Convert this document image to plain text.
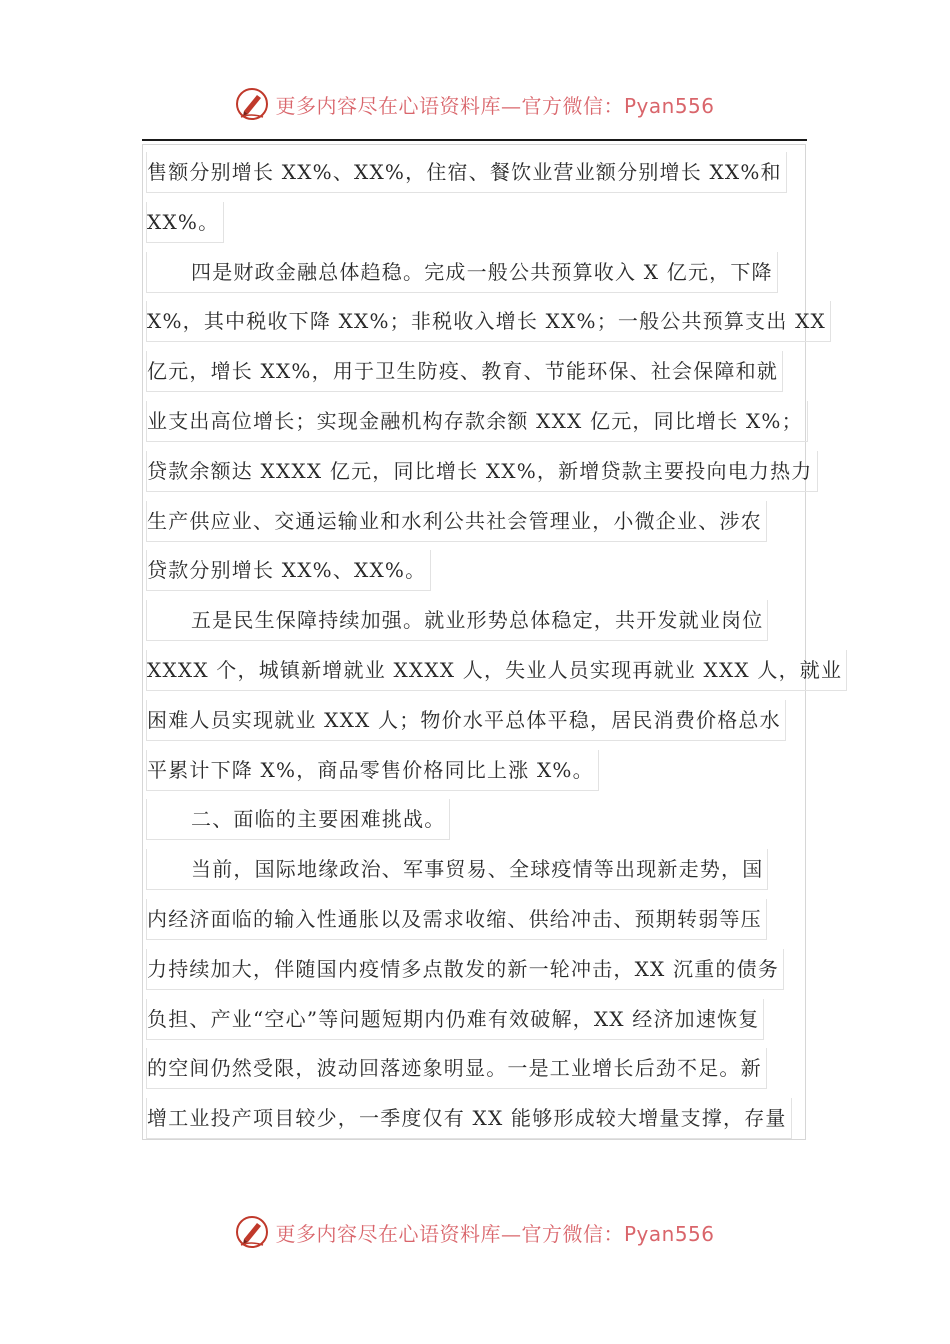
更多内容尽在心语资料库—官方微信：Pyan556
售额分别增长 XX%、XX%，住宿、餐饮业营业额分别增长 XX%和
XX%。
四是财政金融总体趋稳。完成一般公共预算收入 X 亿元，下降
X%，其中税收下降 XX%；非税收入增长 XX%；一般公共预算支出 XX
亿元，增长 XX%，用于卫生防疫、教育、节能环保、社会保障和就
业支出高位增长；实现金融机构存款余额 XXX 亿元，同比增长 X%；
贷款余额达 XXXX 亿元，同比增长 XX%，新增贷款主要投向电力热力
生产供应业、交通运输业和水利公共社会管理业，小微企业、涉农
贷款分别增长 XX%、XX%。
五是民生保障持续加强。就业形势总体稳定，共开发就业岗位
XXXX 个，城镇新增就业 XXXX 人，失业人员实现再就业 XXX 人，就业
困难人员实现就业 XXX 人；物价水平总体平稳，居民消费价格总水
平累计下降 X%，商品零售价格同比上涨 X%。
二、面临的主要困难挑战。
当前，国际地缘政治、军事贸易、全球疫情等出现新走势，国
内经济面临的输入性通胀以及需求收缩、供给冲击、预期转弱等压
力持续加大，伴随国内疫情多点散发的新一轮冲击，XX 沉重的债务
负担、产业“空心”等问题短期内仍难有效破解，XX 经济加速恢复
的空间仍然受限，波动回落迹象明显。一是工业增长后劲不足。新
增工业投产项目较少，一季度仅有 XX 能够形成较大增量支撑，存量
更多内容尽在心语资料库—官方微信：Pyan556
